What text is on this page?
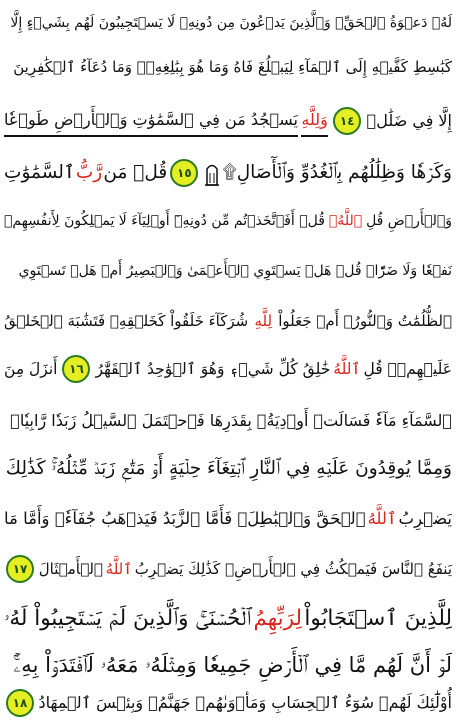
لَهُۥ دَعۡوَةُ ٱلۡحَقِّۚ وَٱلَّذِينَ يَدۡعُونَ مِن دُونِهِۦ لَا يَسۡتَجِيبُونَ لَهُم بِشَيۡءٍ إِلَّا
كَبَٰسِطِ كَفَّيۡهِ إِلَى ٱلۡمَآءِ لِيَبۡلُغَ فَاهُ وَمَا هُوَ بِبَٰلِغِهِۦۚ وَمَا دُعَآءُ ٱلۡكَٰفِرِينَ
إِلَّا فِي ضَلَٰلٖ
١٤
وَلِلَّهِ
يَسۡجُدُ مَن فِي ٱلسَّمَٰوَٰتِ وَٱلۡأَرۡضِ طَوۡعٗا
وَكَرۡهٗا وَظِلَٰلُهُم بِٱلۡغُدُوِّ وَٱلۡأٓصَالِ۩
١٥
قُلۡ مَن
رَّبُّ
ٱلسَّمَٰوَٰتِ
وَٱلۡأَرۡضِ قُلِ
ٱللَّهُۚ
قُلۡ أَفَٱتَّخَذۡتُم مِّن دُونِهِۦٓ أَوۡلِيَآءَ لَا يَمۡلِكُونَ لِأَنفُسِهِمۡ
نَفۡعٗا وَلَا ضَرّٗاۚ قُلۡ هَلۡ يَسۡتَوِي ٱلۡأَعۡمَىٰ وَٱلۡبَصِيرُ أَمۡ هَلۡ تَسۡتَوِي
ٱلظُّلُمَٰتُ وَٱلنُّورُۗ أَمۡ جَعَلُواْ
لِلَّهِ
شُرَكَآءَ خَلَقُواْ كَخَلۡقِهِۦ فَتَشَٰبَهَ ٱلۡخَلۡقُ
عَلَيۡهِمۡۚ قُلِ
ٱللَّهُ
خَٰلِقُ كُلِّ شَيۡءٖ وَهُوَ ٱلۡوَٰحِدُ ٱلۡقَهَّٰرُ
١٦
أَنزَلَ مِنَ
ٱلسَّمَآءِ مَآءٗ فَسَالَتۡ أَوۡدِيَةُۢ بِقَدَرِهَا فَٱحۡتَمَلَ ٱلسَّيۡلُ زَبَدٗا رَّابِيٗاۖ
وَمِمَّا يُوقِدُونَ عَلَيۡهِ فِي ٱلنَّارِ ٱبۡتِغَآءَ حِلۡيَةٍ أَوۡ مَتَٰعٖ زَبَدٞ مِّثۡلُهُۥۚ كَذَٰلِكَ
يَضۡرِبُ
ٱللَّهُ
ٱلۡحَقَّ وَٱلۡبَٰطِلَۚ فَأَمَّا ٱلزَّبَدُ فَيَذۡهَبُ جُفَآءٗۖ وَأَمَّا مَا
يَنفَعُ ٱلنَّاسَ فَيَمۡكُثُ فِي ٱلۡأَرۡضِۚ كَذَٰلِكَ يَضۡرِبُ
ٱللَّهُ
ٱلۡأَمۡثَالَ
١٧
لِلَّذِينَ ٱسۡتَجَابُواْ
لِرَبِّهِمُ
ٱلۡحُسۡنَىٰۚ وَٱلَّذِينَ لَمۡ يَسۡتَجِيبُواْ لَهُۥ
لَوۡ أَنَّ لَهُم مَّا فِي ٱلۡأَرۡضِ جَمِيعٗا وَمِثۡلَهُۥ مَعَهُۥ لَٱفۡتَدَوۡاْ بِهِۦٓۚ
أُوْلَٰٓئِكَ لَهُمۡ سُوٓءُ ٱلۡحِسَابِ وَمَأۡوَىٰهُمۡ جَهَنَّمُۖ وَبِئۡسَ ٱلۡمِهَادُ
١٨
